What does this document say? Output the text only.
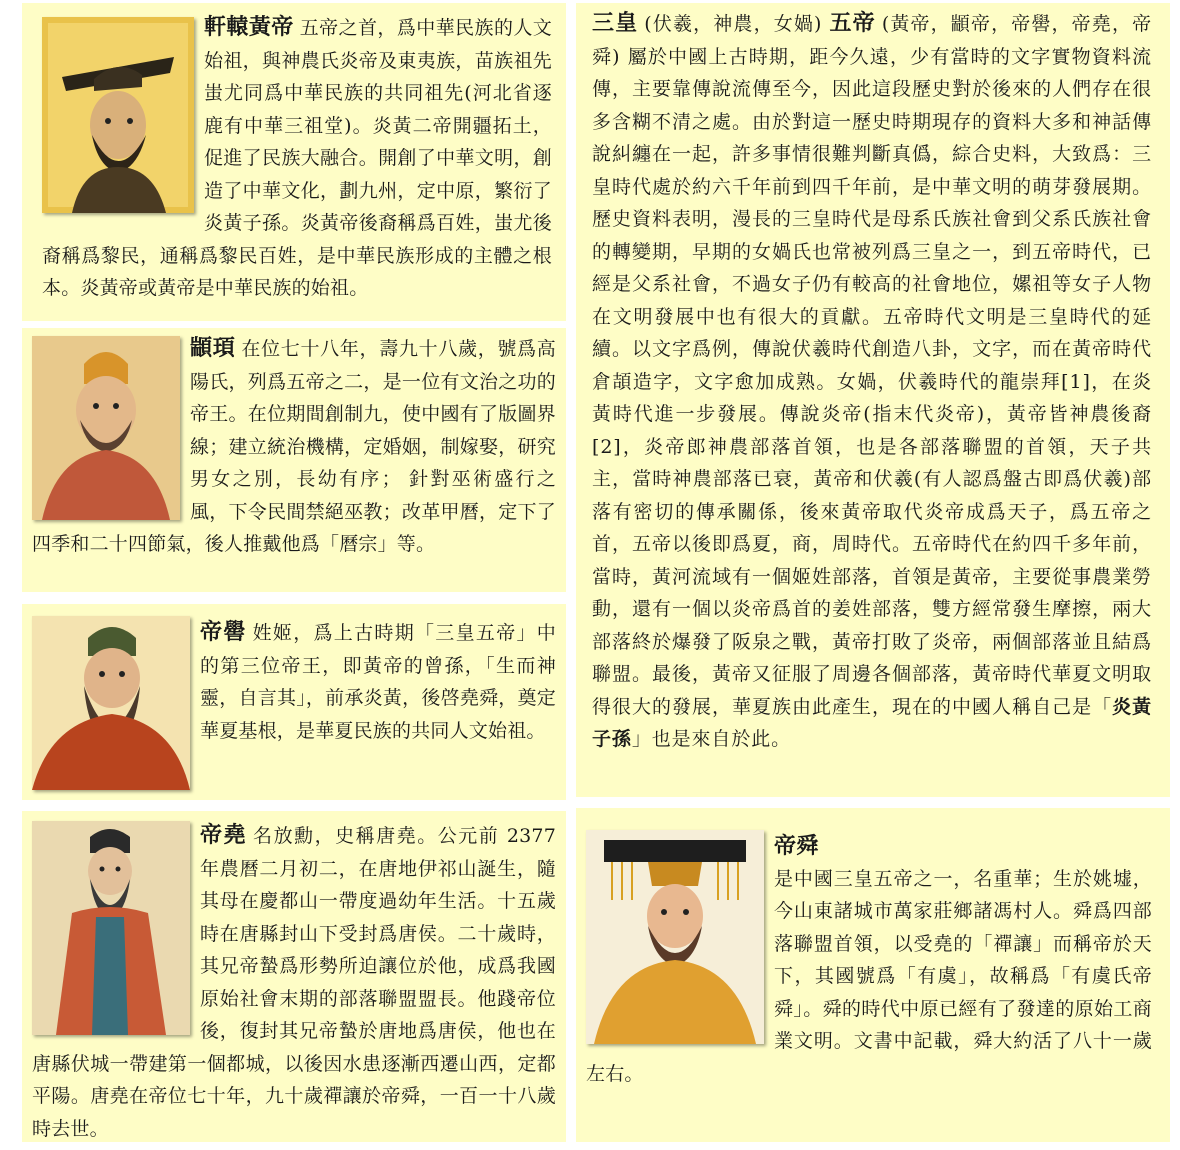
軒轅黃帝 五帝之首，爲中華民族的人文始祖，與神農氏炎帝及東夷族，苗族祖先蚩尤同爲中華民族的共同祖先(河北省逐鹿有中華三祖堂)。炎黃二帝開疆拓土，促進了民族大融合。開創了中華文明，創造了中華文化，劃九州，定中原，繁衍了炎黃子孫。炎黃帝後裔稱爲百姓，蚩尤後裔稱爲黎民，通稱爲黎民百姓，是中華民族形成的主體之根本。炎黃帝或黃帝是中華民族的始祖。
顓頊 在位七十八年，壽九十八歲，號爲高陽氏，列爲五帝之二，是一位有文治之功的帝王。在位期間創制九，使中國有了版圖界線；建立統治機構，定婚姻，制嫁娶，研究男女之別，長幼有序； 針對巫術盛行之風，下令民間禁絕巫教；改革甲曆，定下了四季和二十四節氣，後人推戴他爲「曆宗」等。
帝嚳 姓姬，爲上古時期「三皇五帝」中的第三位帝王，即黃帝的曾孫，「生而神靈，自言其」，前承炎黃，後啓堯舜，奠定華夏基根，是華夏民族的共同人文始祖。
帝堯 名放勳，史稱唐堯。公元前 2377 年農曆二月初二，在唐地伊祁山誕生，隨其母在慶都山一帶度過幼年生活。十五歲時在唐縣封山下受封爲唐侯。二十歲時，其兄帝蟄爲形勢所迫讓位於他，成爲我國原始社會末期的部落聯盟盟長。他踐帝位後，復封其兄帝蟄於唐地爲唐侯，他也在唐縣伏城一帶建第一個都城，以後因水患逐漸西遷山西，定都平陽。唐堯在帝位七十年，九十歲禪讓於帝舜，一百一十八歲時去世。
三皇 (伏羲，神農，女媧) 五帝 (黃帝，顓帝，帝嚳，帝堯，帝舜) 屬於中國上古時期，距今久遠，少有當時的文字實物資料流傳，主要靠傳說流傳至今，因此這段歷史對於後來的人們存在很多含糊不清之處。由於對這一歷史時期現存的資料大多和神話傳說糾纏在一起，許多事情很難判斷真僞，綜合史料，大致爲：三皇時代處於約六千年前到四千年前，是中華文明的萌芽發展期。歷史資料表明，漫長的三皇時代是母系氏族社會到父系氏族社會的轉變期，早期的女媧氏也常被列爲三皇之一，到五帝時代，已經是父系社會，不過女子仍有較高的社會地位，嫘祖等女子人物在文明發展中也有很大的貢獻。五帝時代文明是三皇時代的延續。以文字爲例，傳說伏羲時代創造八卦，文字，而在黃帝時代倉頡造字，文字愈加成熟。女媧，伏羲時代的龍崇拜[1]，在炎黃時代進一步發展。傳說炎帝(指末代炎帝)，黃帝皆神農後裔[2]，炎帝郎神農部落首領，也是各部落聯盟的首領，天子共主，當時神農部落已衰，黃帝和伏羲(有人認爲盤古即爲伏羲)部落有密切的傳承關係，後來黃帝取代炎帝成爲天子，爲五帝之首，五帝以後即爲夏，商，周時代。五帝時代在約四千多年前，當時，黃河流域有一個姬姓部落，首領是黃帝，主要從事農業勞動，還有一個以炎帝爲首的姜姓部落，雙方經常發生摩擦，兩大部落終於爆發了阪泉之戰，黃帝打敗了炎帝，兩個部落並且結爲聯盟。最後，黃帝又征服了周邊各個部落，黃帝時代華夏文明取得很大的發展，華夏族由此產生，現在的中國人稱自己是「炎黃子孫」也是來自於此。
帝舜
是中國三皇五帝之一，名重華；生於姚墟，今山東諸城市萬家莊鄉諸馮村人。舜爲四部落聯盟首領，以受堯的「禪讓」而稱帝於天下，其國號爲「有虞」，故稱爲「有虞氏帝舜」。舜的時代中原已經有了發達的原始工商業文明。文書中記載，舜大約活了八十一歲左右。
